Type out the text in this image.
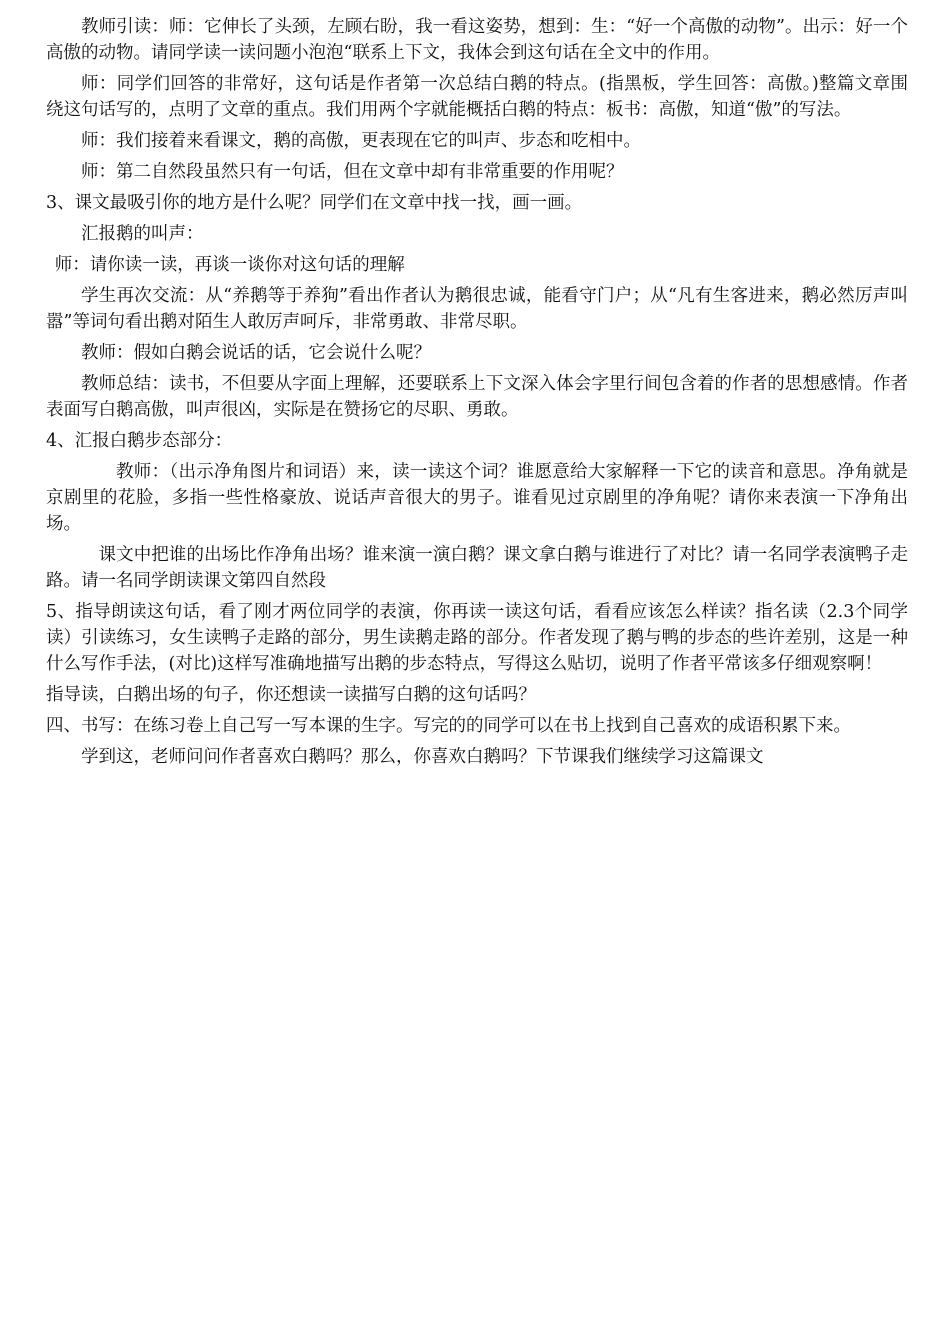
教师引读：师：它伸长了头颈，左顾右盼，我一看这姿势，想到：生：“好一个高傲的动物”。出示：好一个高傲的动物。请同学读一读问题小泡泡“联系上下文，我体会到这句话在全文中的作用。

师：同学们回答的非常好，这句话是作者第一次总结白鹅的特点。(指黑板，学生回答：高傲。)整篇文章围绕这句话写的，点明了文章的重点。我们用两个字就能概括白鹅的特点：板书：高傲，知道“傲”的写法。

师：我们接着来看课文，鹅的高傲，更表现在它的叫声、步态和吃相中。

师：第二自然段虽然只有一句话，但在文章中却有非常重要的作用呢？

3、课文最吸引你的地方是什么呢？同学们在文章中找一找，画一画。

汇报鹅的叫声：

师：请你读一读，再谈一谈你对这句话的理解

学生再次交流：从“养鹅等于养狗”看出作者认为鹅很忠诚，能看守门户；从“凡有生客进来，鹅必然厉声叫嚣”等词句看出鹅对陌生人敢厉声呵斥，非常勇敢、非常尽职。

教师：假如白鹅会说话的话，它会说什么呢？

教师总结：读书，不但要从字面上理解，还要联系上下文深入体会字里行间包含着的作者的思想感情。作者表面写白鹅高傲，叫声很凶，实际是在赞扬它的尽职、勇敢。

4、汇报白鹅步态部分：

教师：（出示净角图片和词语）来，读一读这个词？谁愿意给大家解释一下它的读音和意思。净角就是京剧里的花脸，多指一些性格豪放、说话声音很大的男子。谁看见过京剧里的净角呢？请你来表演一下净角出场。

课文中把谁的出场比作净角出场？谁来演一演白鹅？课文拿白鹅与谁进行了对比？请一名同学表演鸭子走路。请一名同学朗读课文第四自然段

5、指导朗读这句话，看了刚才两位同学的表演，你再读一读这句话，看看应该怎么样读？指名读（2.3个同学读）引读练习，女生读鸭子走路的部分，男生读鹅走路的部分。作者发现了鹅与鸭的步态的些许差别，这是一种什么写作手法，(对比)这样写准确地描写出鹅的步态特点，写得这么贴切，说明了作者平常该多仔细观察啊！

指导读，白鹅出场的句子，你还想读一读描写白鹅的这句话吗？

四、书写：在练习卷上自己写一写本课的生字。写完的的同学可以在书上找到自己喜欢的成语积累下来。

学到这，老师问问作者喜欢白鹅吗？那么，你喜欢白鹅吗？下节课我们继续学习这篇课文
